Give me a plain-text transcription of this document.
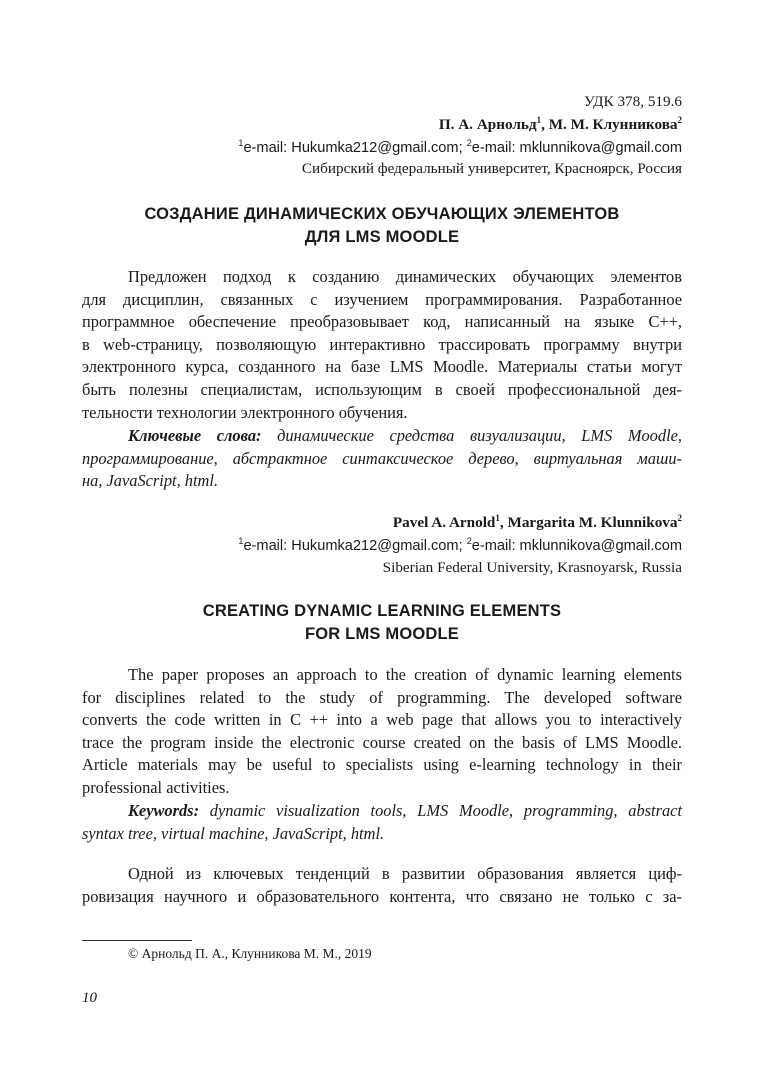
УДК 378, 519.6

П. А. Арнольд$^1$, М. М. Клунникова$^2$

$^1$e-mail: Hukumka212@gmail.com; $^2$e-mail: mklunnikova@gmail.com

Сибирский федеральный университет, Красноярск, Россия

СОЗДАНИЕ ДИНАМИЧЕСКИХ ОБУЧАЮЩИХ ЭЛЕМЕНТОВ
ДЛЯ LMS MOODLE
Предложен подход к созданию динамических обучающих элементов
для дисциплин, связанных с изучением программирования. Разработанное
программное обеспечение преобразовывает код, написанный на языке С++,
в web-страницу, позволяющую интерактивно трассировать программу внутри
электронного курса, созданного на базе LMS Moodle. Материалы статьи могут
быть полезны специалистам, использующим в своей профессиональной дея-
тельности технологии электронного обучения.
Ключевые слова: динамические средства визуализации, LMS Moodle,
программирование, абстрактное синтаксическое дерево, виртуальная маши-
на, JavaScript, html.

Pavel A. Arnold$^1$, Margarita M. Klunnikova$^2$

$^1$e-mail: Hukumka212@gmail.com; $^2$e-mail: mklunnikova@gmail.com

Siberian Federal University, Krasnoyarsk, Russia

CREATING DYNAMIC LEARNING ELEMENTS
FOR LMS MOODLE
The paper proposes an approach to the creation of dynamic learning elements
for disciplines related to the study of programming. The developed software
converts the code written in C ++ into a web page that allows you to interactively
trace the program inside the electronic course created on the basis of LMS Moodle.
Article materials may be useful to specialists using e-learning technology in their
professional activities.
Keywords: dynamic visualization tools, LMS Moodle, programming, abstract
syntax tree, virtual machine, JavaScript, html.
Одной из ключевых тенденций в развитии образования является циф-
ровизация научного и образовательного контента, что связано не только с за-

© Арнольд П. А., Клунникова М. М., 2019

10
